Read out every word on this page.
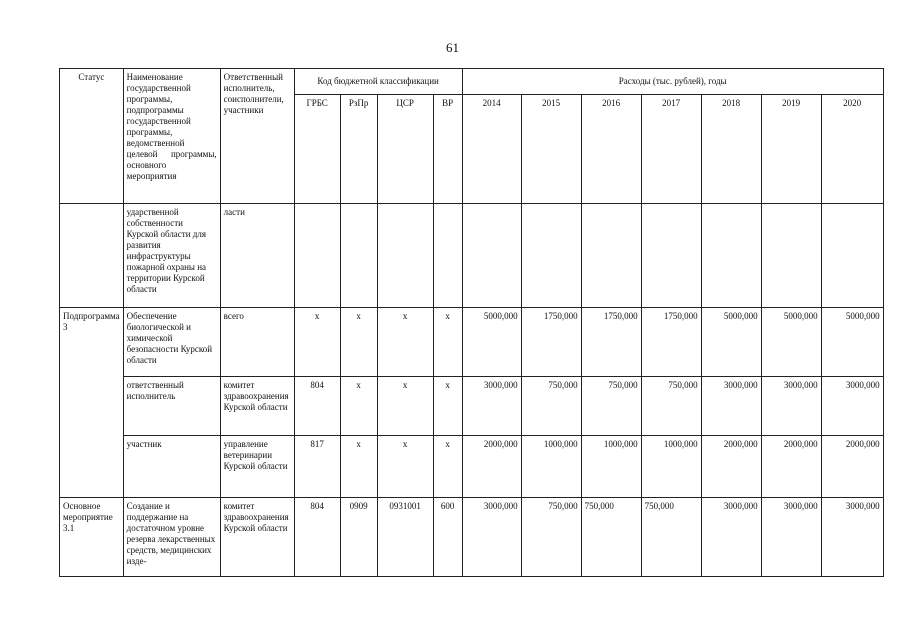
61
Статус	Наименование государственной программы, подпрограммы государственной программы, ведомственной целевой программы, основного мероприятия	Ответственный исполнитель, соисполнители, участники	Код бюджетной классификации				Расходы (тыс. рублей), годы						
			ГРБС	РзПр	ЦСР	ВР	2014	2015	2016	2017	2018	2019	2020
	ударственной собственности Курской области для развития инфраструктуры пожарной охраны на территории Курской области	ласти											
Подпрограмма 3	Обеспечение биологической и химической безопасности Курской области	всего	х	х	х	х	5000,000	1750,000	1750,000	1750,000	5000,000	5000,000	5000,000
	ответственный исполнитель	комитет здравоохранения Курской области	804	х	х	х	3000,000	750,000	750,000	750,000	3000,000	3000,000	3000,000
	участник	управление ветеринарии Курской области	817	х	х	х	2000,000	1000,000	1000,000	1000,000	2000,000	2000,000	2000,000
Основное мероприятие 3.1	Создание и поддержание на достаточном уровне резерва лекарственных средств, медицинских изде-	комитет здравоохранения Курской области	804	0909	0931001	600	3000,000	750,000	750,000	750,000	3000,000	3000,000	3000,000
